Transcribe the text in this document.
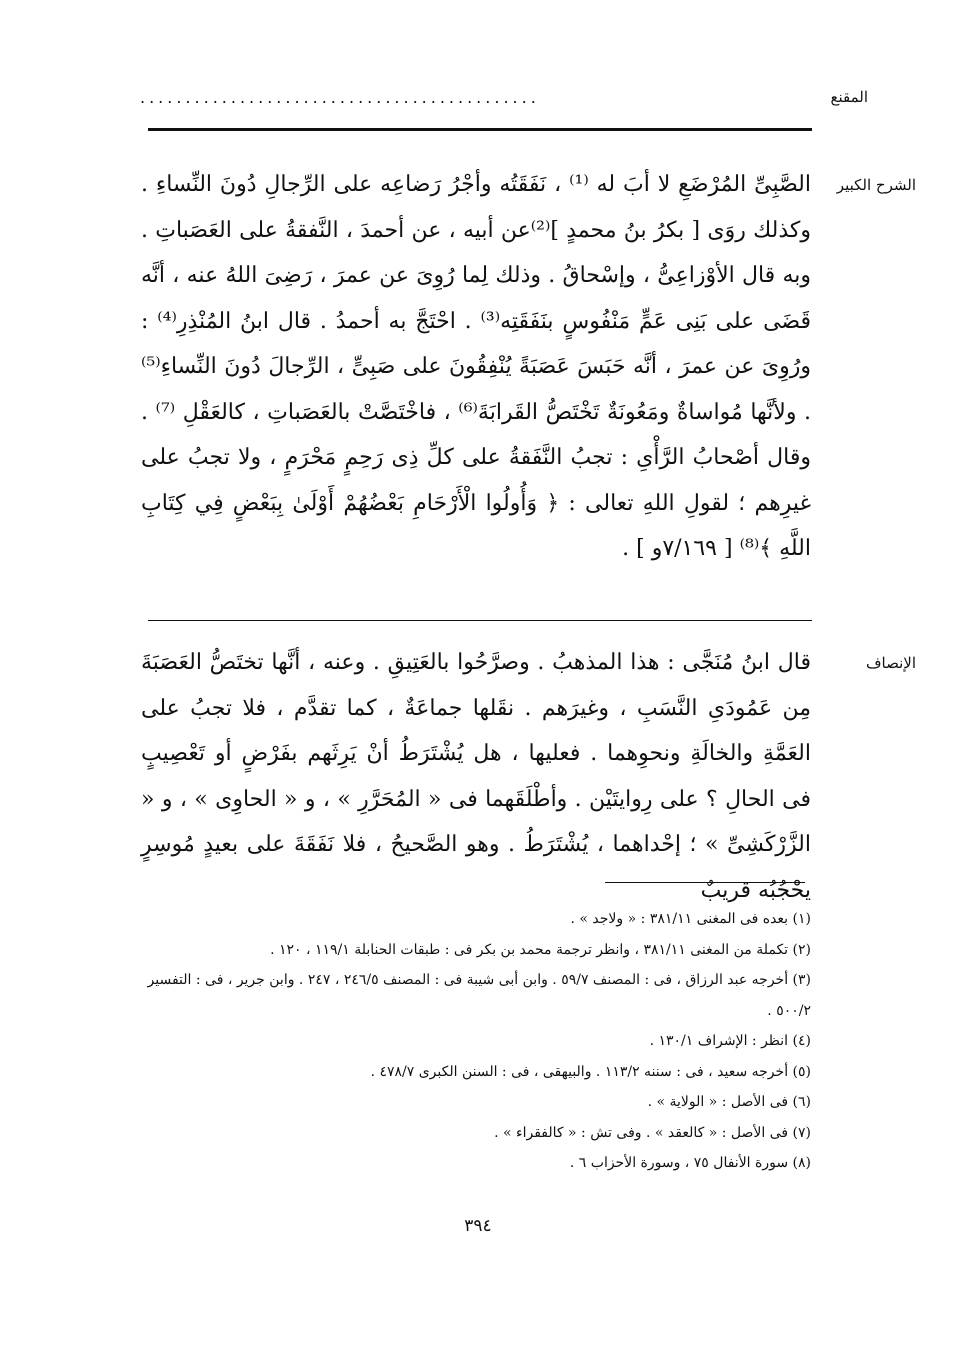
المقنع
............................................
الشرح الكبير

الصَّبِىِّ المُرْضَعِ لا أبَ له ⁽¹⁾ ، نَفَقَتُه وأجْرُ رَضاعِه على الرِّجالِ دُونَ النِّساءِ . وكذلك روَى [ بكرُ بنُ محمدٍ ]⁽²⁾عن أبيه ، عن أحمدَ ، النَّفقةُ على العَصَباتِ . وبه قال الأوْزاعِىُّ ، وإسْحاقُ . وذلك لِما رُوِىَ عن عمرَ ، رَضِىَ اللهُ عنه ، أنَّه قَضَى على بَنِى عَمٍّ مَنْفُوسٍ بنَفَقَتِه⁽³⁾ . احْتَجَّ به أحمدُ . قال ابنُ المُنْذِرِ⁽⁴⁾ : ورُوِىَ عن عمرَ ، أنَّه حَبَسَ عَصَبَةً يُنْفِقُونَ على صَبِىٍّ ، الرِّجالَ دُونَ النِّساءِ⁽⁵⁾ . ولأنَّها مُواساةٌ ومَعُونَةٌ تَخْتَصُّ القَرابَةَ⁽⁶⁾ ، فاخْتَصَّتْ بالعَصَباتِ ، كالعَقْلِ ⁽⁷⁾ . وقال أصْحابُ الرَّأْىِ : تجبُ النَّفَقةُ على كلِّ ذِى رَحِمٍ مَحْرَمٍ ، ولا تجبُ على غيرِهم ؛ لقولِ اللهِ تعالى : ﴿ وَأُولُوا الْأَرْحَامِ بَعْضُهُمْ أَوْلَىٰ بِبَعْضٍ فِي كِتَابِ اللَّهِ ﴾⁽⁸⁾ [ ٧/١٦٩و ] .

الإنصاف

قال ابنُ مُنَجَّى : هذا المذهبُ . وصرَّحُوا بالعَتِيقِ . وعنه ، أنَّها تختَصُّ العَصَبَةَ مِن عَمُودَىِ النَّسَبِ ، وغيرَهم . نقَلها جماعَةٌ ، كما تقدَّم ، فلا تجبُ على العَمَّةِ والخالَةِ ونحوِهما . فعليها ، هل يُشْتَرَطُ أنْ يَرِثَهم بفَرْضٍ أو تَعْصِيبٍ فى الحالِ ؟ على رِوايتَيْن . وأطْلَقَهما فى « المُحَرَّرِ » ، و « الحاوِى » ، و « الزَّرْكَشِىِّ » ؛ إحْداهما ، يُشْتَرَطُ . وهو الصَّحيحُ ، فلا نَفَقَةَ على بعيدٍ مُوسِرٍ يحْجُبُه قريبٌ

(١) بعده فى المغنى ٣٨١/١١ : « ولاجد » .

(٢) تكملة من المغنى ٣٨١/١١ ، وانظر ترجمة محمد بن بكر فى : طبقات الحنابلة ١١٩/١ ، ١٢٠ .

(٣) أخرجه عبد الرزاق ، فى : المصنف ٥٩/٧ . وابن أبى شيبة فى : المصنف ٢٤٦/٥ ، ٢٤٧ . وابن جرير ، فى : التفسير ٥٠٠/٢ .

(٤) انظر : الإشراف ١٣٠/١ .

(٥) أخرجه سعيد ، فى : سننه ١١٣/٢ . والبيهقى ، فى : السنن الكبرى ٤٧٨/٧ .

(٦) فى الأصل : « الولاية » .

(٧) فى الأصل : « كالعقد » . وفى تش : « كالفقراء » .

(٨) سورة الأنفال ٧٥ ، وسورة الأحزاب ٦ .

٣٩٤
